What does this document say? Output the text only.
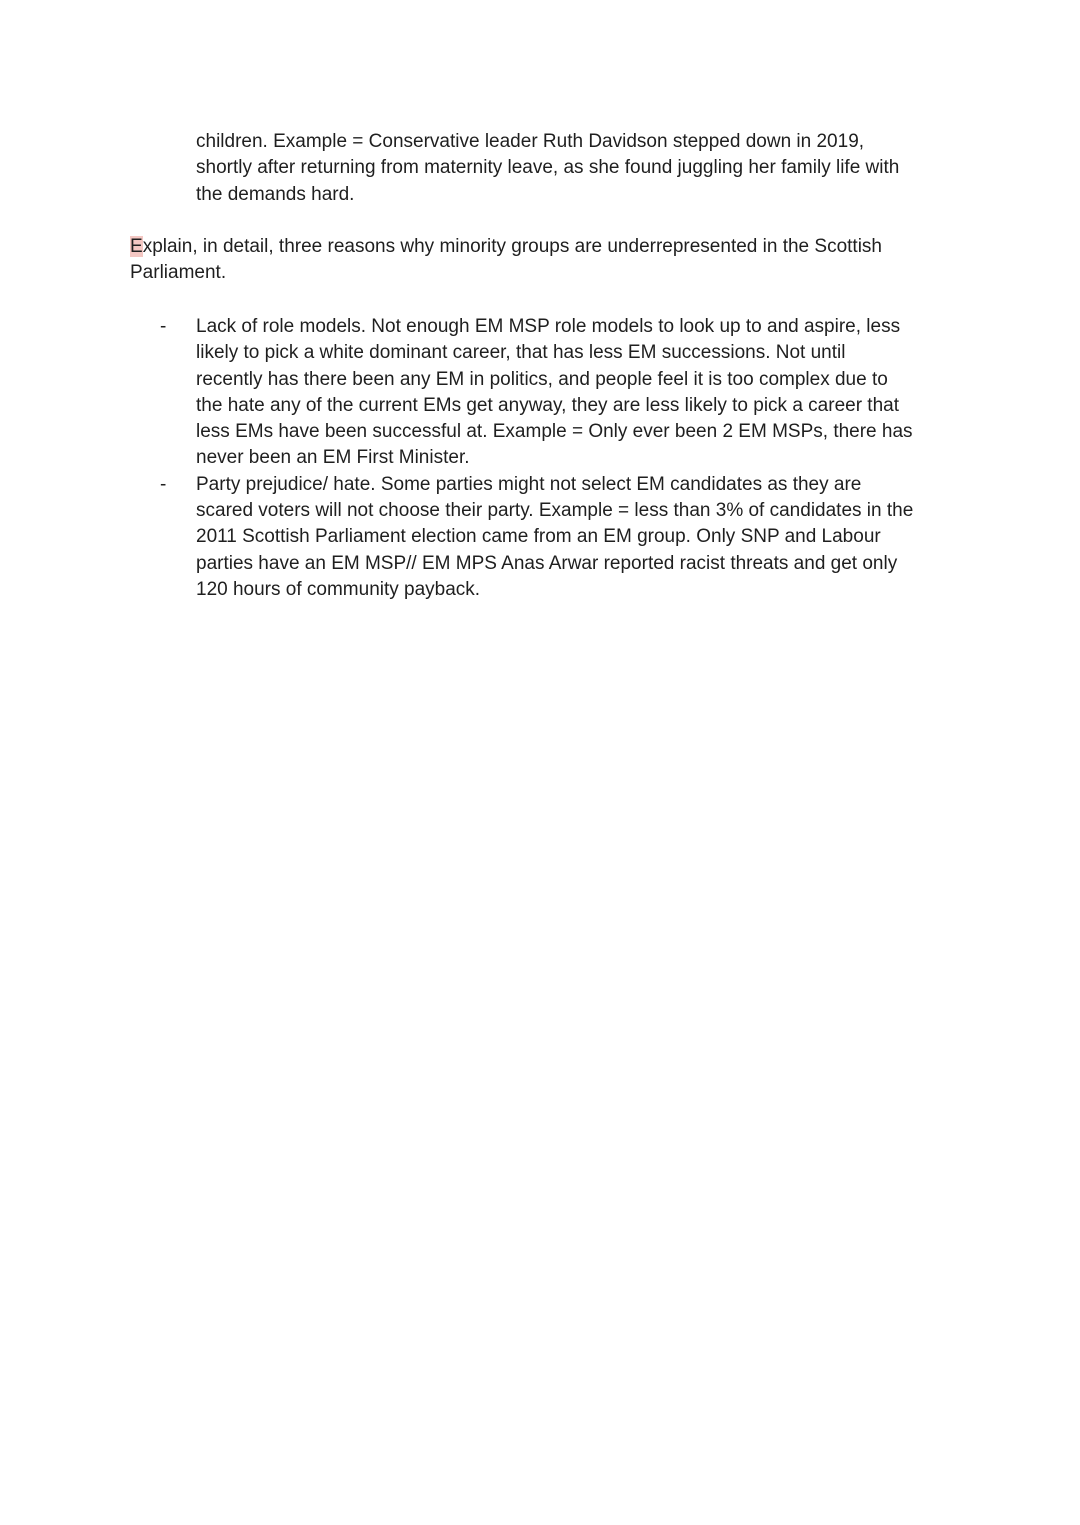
children. Example = Conservative leader Ruth Davidson stepped down in 2019,
shortly after returning from maternity leave, as she found juggling her family life with
the demands hard.

Explain, in detail, three reasons why minority groups are underrepresented in the Scottish
Parliament.

-	Lack of role models. Not enough EM MSP role models to look up to and aspire, less
likely to pick a white dominant career, that has less EM successions. Not until
recently has there been any EM in politics, and people feel it is too complex due to
the hate any of the current EMs get anyway, they are less likely to pick a career that
less EMs have been successful at. Example = Only ever been 2 EM MSPs, there has
never been an EM First Minister.

-	Party prejudice/ hate. Some parties might not select EM candidates as they are
scared voters will not choose their party. Example = less than 3% of candidates in the
2011 Scottish Parliament election came from an EM group. Only SNP and Labour
parties have an EM MSP// EM MPS Anas Arwar reported racist threats and get only
120 hours of community payback.
